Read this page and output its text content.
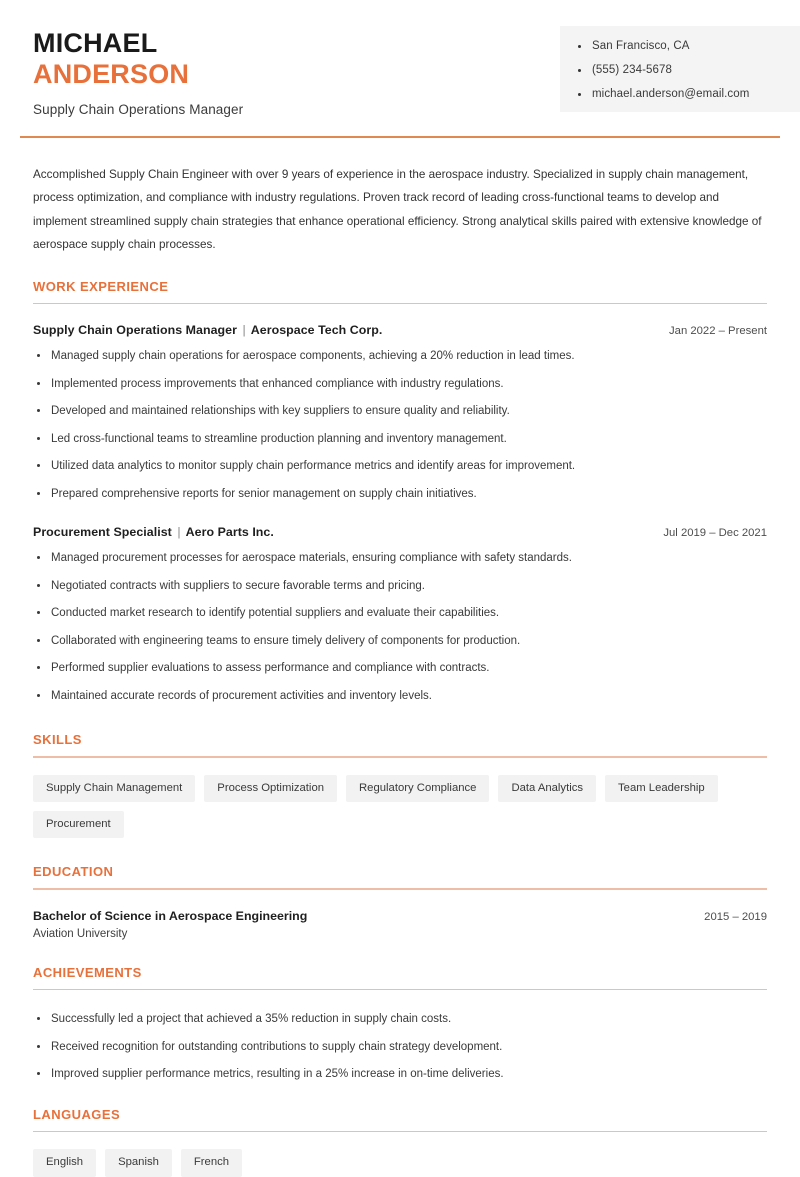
MICHAEL
ANDERSON
Supply Chain Operations Manager
San Francisco, CA
(555) 234-5678
michael.anderson@email.com

Accomplished Supply Chain Engineer with over 9 years of experience in the aerospace industry. Specialized in supply chain management, process optimization, and compliance with industry regulations. Proven track record of leading cross-functional teams to develop and implement streamlined supply chain strategies that enhance operational efficiency. Strong analytical skills paired with extensive knowledge of aerospace supply chain processes.

WORK EXPERIENCE
Supply Chain Operations Manager | Aerospace Tech Corp.	Jan 2022 – Present
Managed supply chain operations for aerospace components, achieving a 20% reduction in lead times.
Implemented process improvements that enhanced compliance with industry regulations.
Developed and maintained relationships with key suppliers to ensure quality and reliability.
Led cross-functional teams to streamline production planning and inventory management.
Utilized data analytics to monitor supply chain performance metrics and identify areas for improvement.
Prepared comprehensive reports for senior management on supply chain initiatives.
Procurement Specialist | Aero Parts Inc.	Jul 2019 – Dec 2021
Managed procurement processes for aerospace materials, ensuring compliance with safety standards.
Negotiated contracts with suppliers to secure favorable terms and pricing.
Conducted market research to identify potential suppliers and evaluate their capabilities.
Collaborated with engineering teams to ensure timely delivery of components for production.
Performed supplier evaluations to assess performance and compliance with contracts.
Maintained accurate records of procurement activities and inventory levels.
SKILLS
Supply Chain Management	Process Optimization	Regulatory Compliance	Data Analytics	Team Leadership
Procurement
EDUCATION
Bachelor of Science in Aerospace Engineering	2015 – 2019
Aviation University
ACHIEVEMENTS
Successfully led a project that achieved a 35% reduction in supply chain costs.
Received recognition for outstanding contributions to supply chain strategy development.
Improved supplier performance metrics, resulting in a 25% increase in on-time deliveries.
LANGUAGES
English	Spanish	French
